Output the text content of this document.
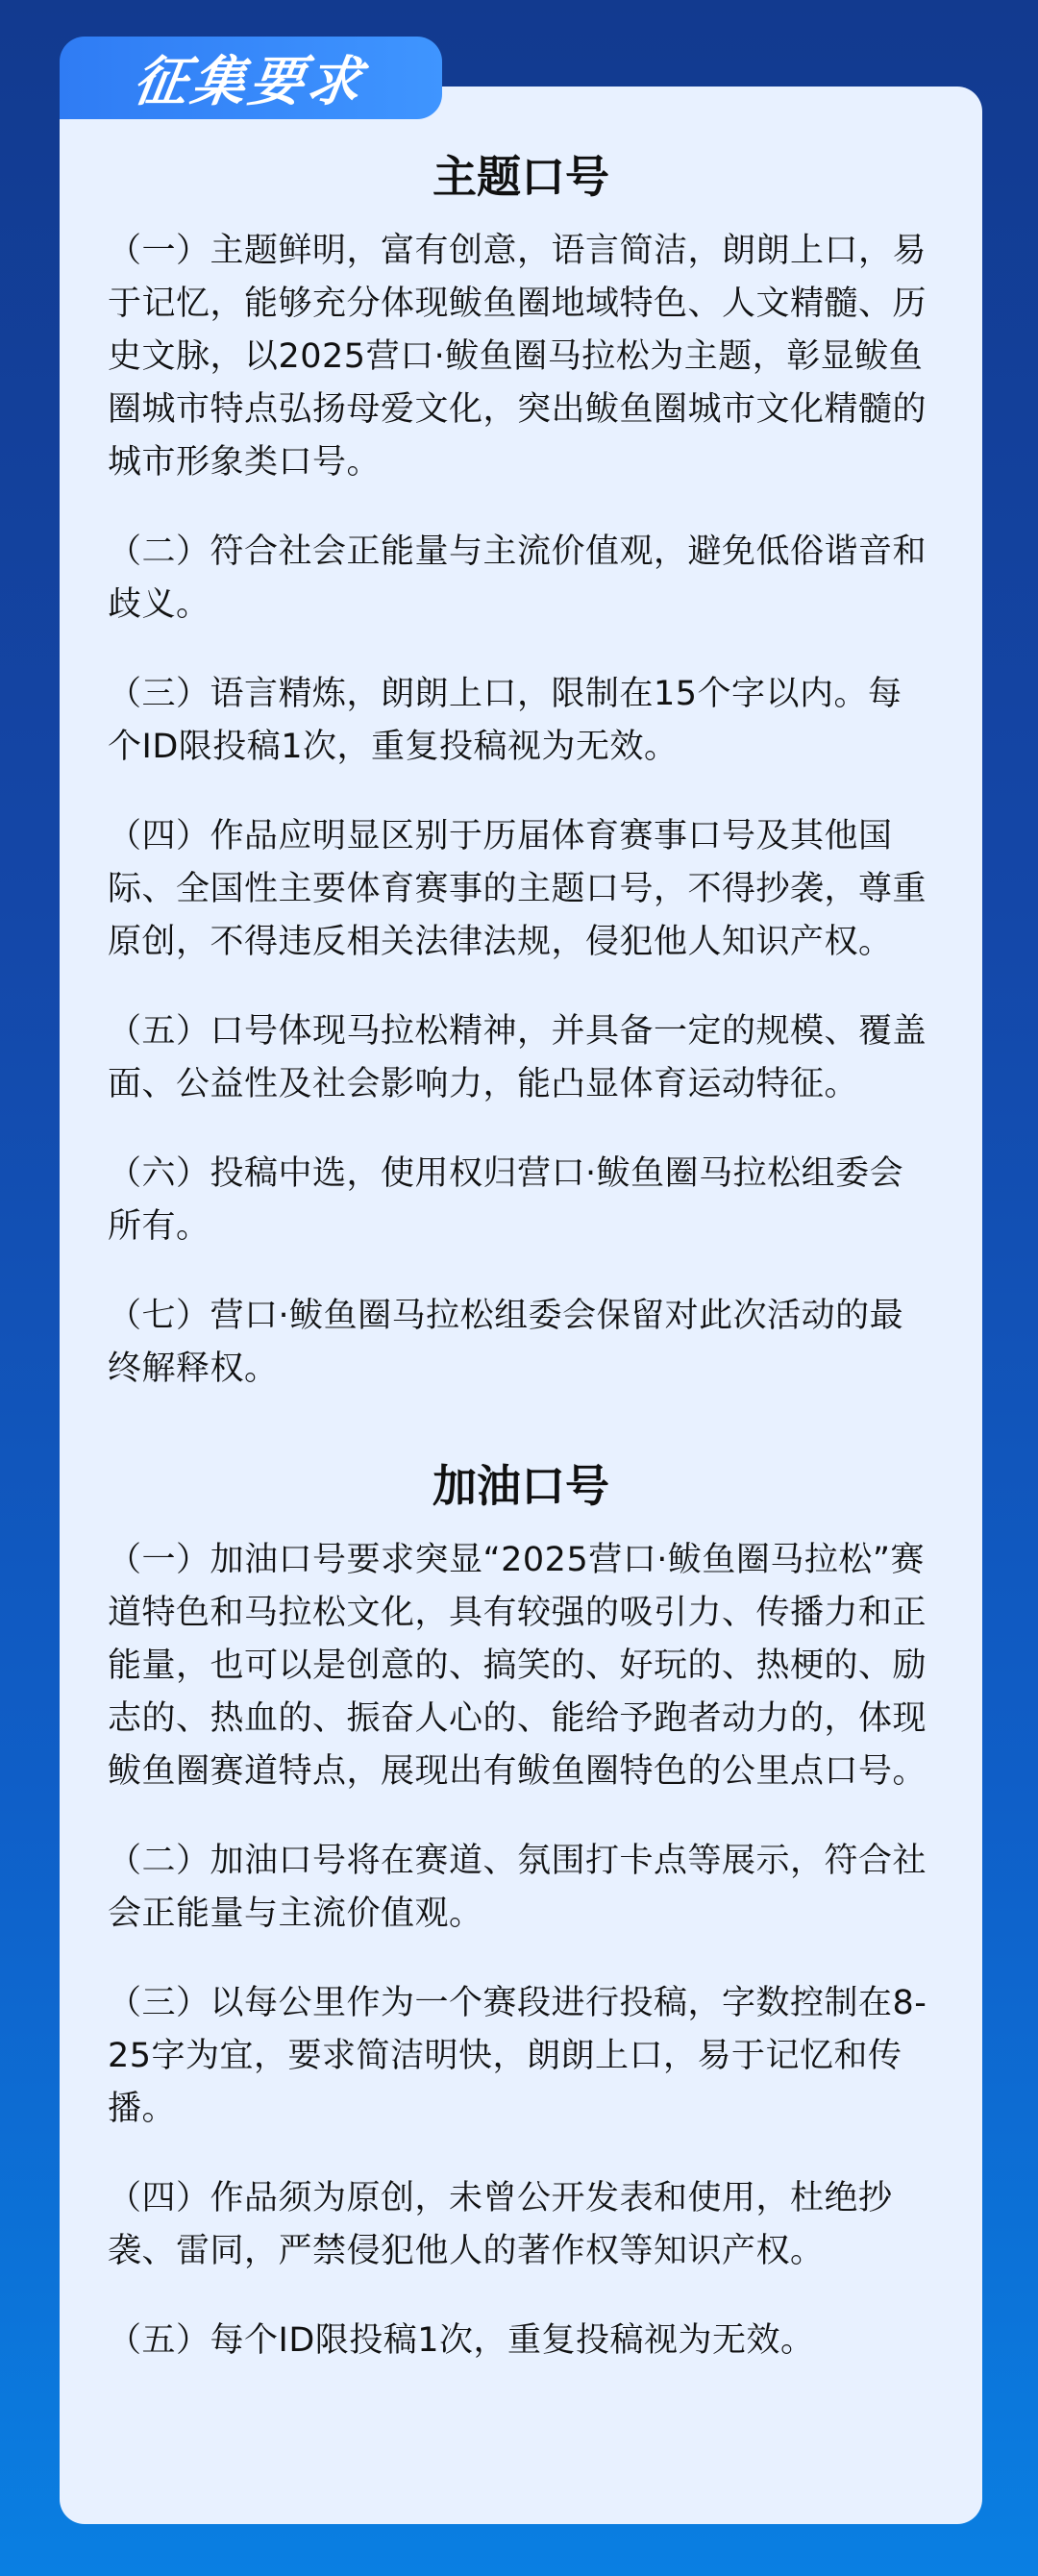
征集要求
主题口号

（一）主题鲜明，富有创意，语言简洁，朗朗上口，易于记忆，能够充分体现鲅鱼圈地域特色、人文精髓、历史文脉，以2025营口·鲅鱼圈马拉松为主题，彰显鲅鱼圈城市特点弘扬母爱文化，突出鲅鱼圈城市文化精髓的城市形象类口号。

（二）符合社会正能量与主流价值观，避免低俗谐音和歧义。

（三）语言精炼，朗朗上口，限制在15个字以内。每个ID限投稿1次，重复投稿视为无效。

（四）作品应明显区别于历届体育赛事口号及其他国际、全国性主要体育赛事的主题口号，不得抄袭，尊重原创，不得违反相关法律法规，侵犯他人知识产权。

（五）口号体现马拉松精神，并具备一定的规模、覆盖面、公益性及社会影响力，能凸显体育运动特征。

（六）投稿中选，使用权归营口·鲅鱼圈马拉松组委会所有。

（七）营口·鲅鱼圈马拉松组委会保留对此次活动的最终解释权。

加油口号

（一）加油口号要求突显“2025营口·鲅鱼圈马拉松”赛道特色和马拉松文化，具有较强的吸引力、传播力和正能量，也可以是创意的、搞笑的、好玩的、热梗的、励志的、热血的、振奋人心的、能给予跑者动力的，体现鲅鱼圈赛道特点，展现出有鲅鱼圈特色的公里点口号。

（二）加油口号将在赛道、氛围打卡点等展示，符合社会正能量与主流价值观。

（三）以每公里作为一个赛段进行投稿，字数控制在8-25字为宜，要求简洁明快，朗朗上口，易于记忆和传播。

（四）作品须为原创，未曾公开发表和使用，杜绝抄袭、雷同，严禁侵犯他人的著作权等知识产权。

（五）每个ID限投稿1次，重复投稿视为无效。
